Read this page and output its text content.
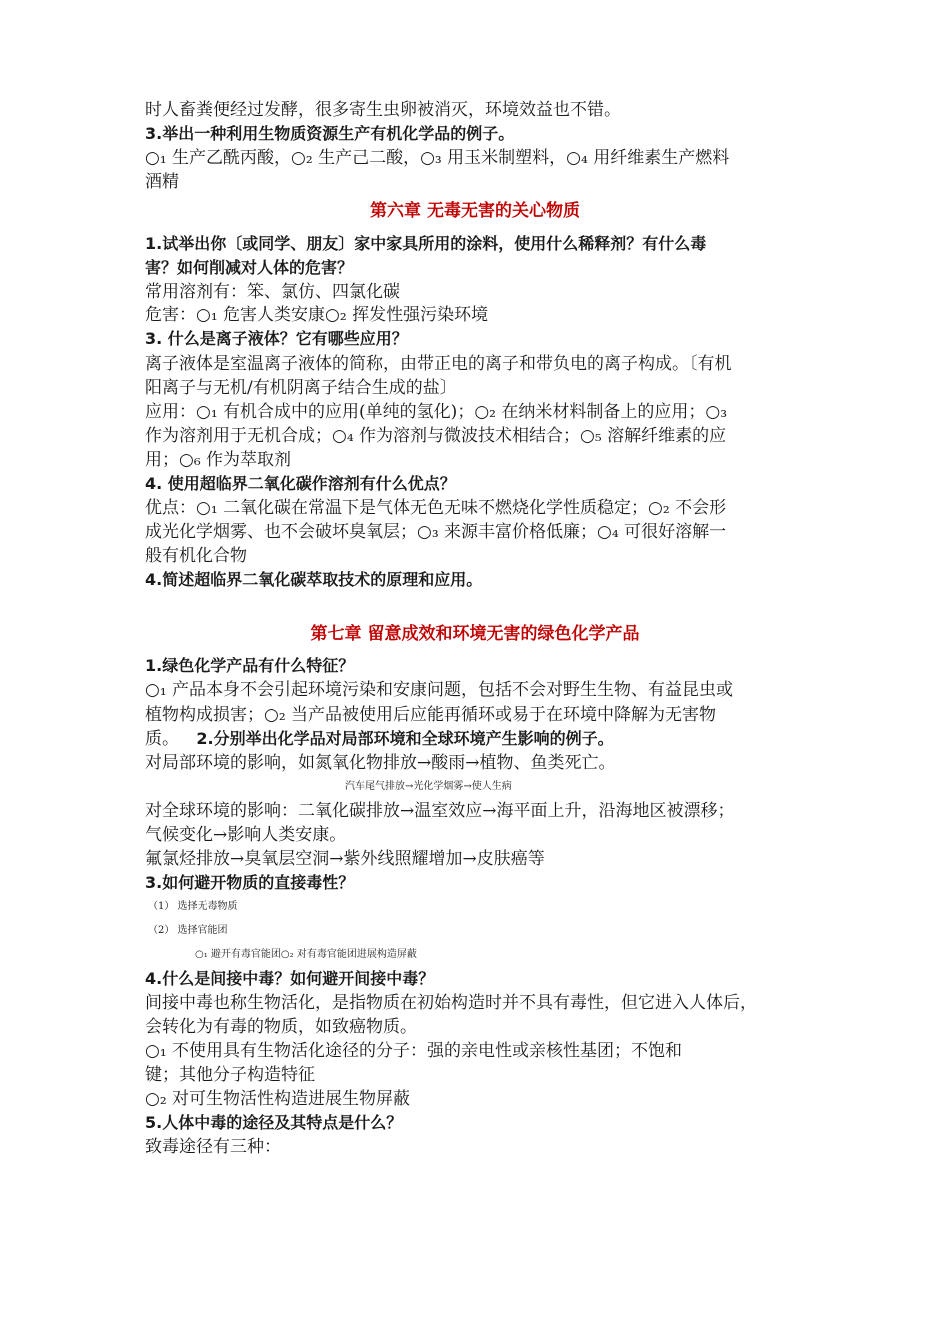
时人畜粪便经过发酵，很多寄生虫卵被消灭，环境效益也不错。
3.举出一种利用生物质资源生产有机化学品的例子。
○₁ 生产乙酰丙酸，○₂ 生产己二酸，○₃ 用玉米制塑料，○₄ 用纤维素生产燃料
酒精
第六章 无毒无害的关心物质
1.试举出你〔或同学、朋友〕家中家具所用的涂料，使用什么稀释剂？有什么毒
害？如何削减对人体的危害？
常用溶剂有：笨、氯仿、四氯化碳
危害：○₁ 危害人类安康○₂ 挥发性强污染环境
3. 什么是离子液体？它有哪些应用？
离子液体是室温离子液体的简称，由带正电的离子和带负电的离子构成。〔有机
阳离子与无机/有机阴离子结合生成的盐〕
应用：○₁ 有机合成中的应用(单纯的氢化)；○₂ 在纳米材料制备上的应用；○₃
作为溶剂用于无机合成；○₄ 作为溶剂与微波技术相结合；○₅ 溶解纤维素的应
用；○₆ 作为萃取剂
4. 使用超临界二氧化碳作溶剂有什么优点？
优点：○₁ 二氧化碳在常温下是气体无色无味不燃烧化学性质稳定；○₂ 不会形
成光化学烟雾、也不会破坏臭氧层；○₃ 来源丰富价格低廉；○₄ 可很好溶解一
般有机化合物
4.简述超临界二氧化碳萃取技术的原理和应用。
第七章 留意成效和环境无害的绿色化学产品
1.绿色化学产品有什么特征？
○₁ 产品本身不会引起环境污染和安康问题，包括不会对野生生物、有益昆虫或
植物构成损害；○₂ 当产品被使用后应能再循环或易于在环境中降解为无害物
质。 2.分别举出化学品对局部环境和全球环境产生影响的例子。
对局部环境的影响，如氮氧化物排放→酸雨→植物、鱼类死亡。
汽车尾气排放→光化学烟雾→使人生病
对全球环境的影响：二氧化碳排放→温室效应→海平面上升，沿海地区被漂移；
气候变化→影响人类安康。
氟氯烃排放→臭氧层空洞→紫外线照耀增加→皮肤癌等
3.如何避开物质的直接毒性？
（1） 选择无毒物质
（2） 选择官能团
○₁ 避开有毒官能团○₂ 对有毒官能团进展构造屏蔽
4.什么是间接中毒？如何避开间接中毒？
间接中毒也称生物活化，是指物质在初始构造时并不具有毒性，但它进入人体后，
会转化为有毒的物质，如致癌物质。
○₁ 不使用具有生物活化途径的分子：强的亲电性或亲核性基团；不饱和
键；其他分子构造特征
○₂ 对可生物活性构造进展生物屏蔽
5.人体中毒的途径及其特点是什么？
致毒途径有三种：
